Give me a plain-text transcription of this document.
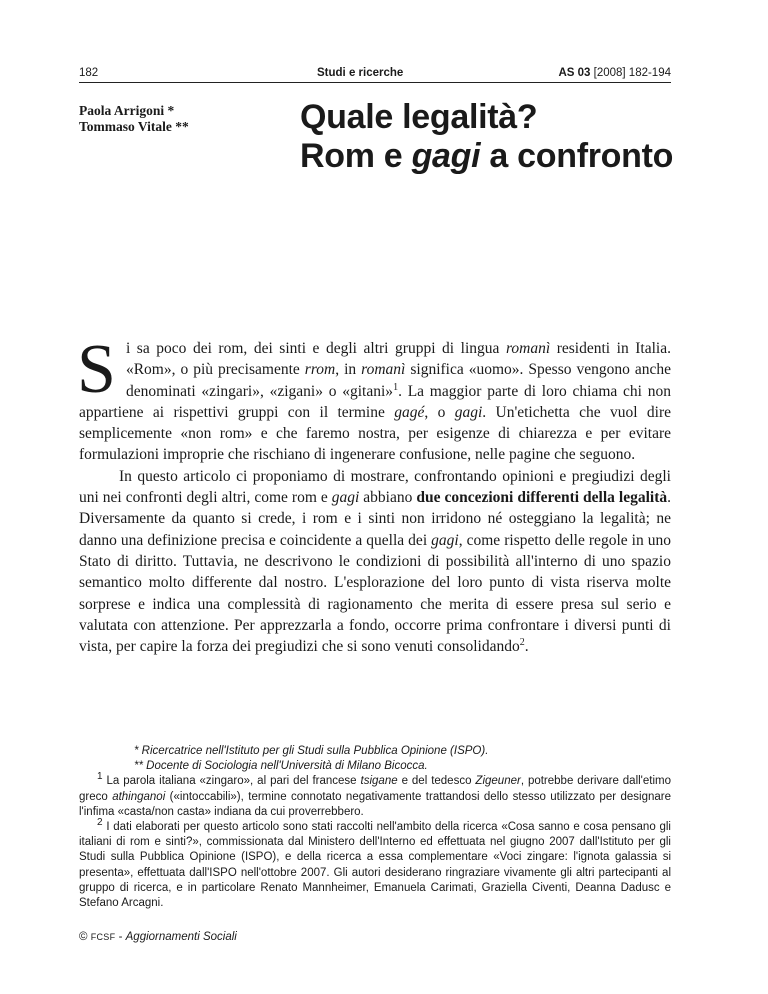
182	Studi e ricerche	AS 03 [2008] 182-194
Paola Arrigoni *
Tommaso Vitale **	Quale legalità?
Rom e gagi a confronto

Si sa poco dei rom, dei sinti e degli altri gruppi di lingua romanì residenti in Italia. «Rom», o più precisamente rrom, in romanì significa «uomo». Spesso vengono anche denominati «zingari», «zigani» o «gitani»$^1$. La maggior parte di loro chiama chi non appartiene ai rispettivi gruppi con il termine gagé, o gagi. Un'etichetta che vuol dire semplicemente «non rom» e che faremo nostra, per esigenze di chiarezza e per evitare formulazioni improprie che rischiano di ingenerare confusione, nelle pagine che seguono.

In questo articolo ci proponiamo di mostrare, confrontando opinioni e pregiudizi degli uni nei confronti degli altri, come rom e gagi abbiano due concezioni differenti della legalità. Diversamente da quanto si crede, i rom e i sinti non irridono né osteggiano la legalità; ne danno una definizione precisa e coincidente a quella dei gagi, come rispetto delle regole in uno Stato di diritto. Tuttavia, ne descrivono le condizioni di possibilità all'interno di uno spazio semantico molto differente dal nostro. L'esplorazione del loro punto di vista riserva molte sorprese e indica una complessità di ragionamento che merita di essere presa sul serio e valutata con attenzione. Per apprezzarla a fondo, occorre prima confrontare i diversi punti di vista, per capire la forza dei pregiudizi che si sono venuti consolidando$^2$.

* Ricercatrice nell'Istituto per gli Studi sulla Pubblica Opinione (ISPO).

** Docente di Sociologia nell'Università di Milano Bicocca.

$^1$ La parola italiana «zingaro», al pari del francese tsigane e del tedesco Zigeuner, potrebbe derivare dall'etimo greco athinganoi («intoccabili»), termine connotato negativamente trattandosi dello stesso utilizzato per designare l'infima «casta/non casta» indiana da cui proverrebbero.

$^2$ I dati elaborati per questo articolo sono stati raccolti nell'ambito della ricerca «Cosa sanno e cosa pensano gli italiani di rom e sinti?», commissionata dal Ministero dell'Interno ed effettuata nel giugno 2007 dall'Istituto per gli Studi sulla Pubblica Opinione (ISPO), e della ricerca a essa complementare «Voci zingare: l'ignota galassia si presenta», effettuata dall'ISPO nell'ottobre 2007. Gli autori desiderano ringraziare vivamente gli altri partecipanti al gruppo di ricerca, e in particolare Renato Mannheimer, Emanuela Carimati, Graziella Civenti, Deanna Dadusc e Stefano Arcagni.

© FCSF - Aggiornamenti Sociali
